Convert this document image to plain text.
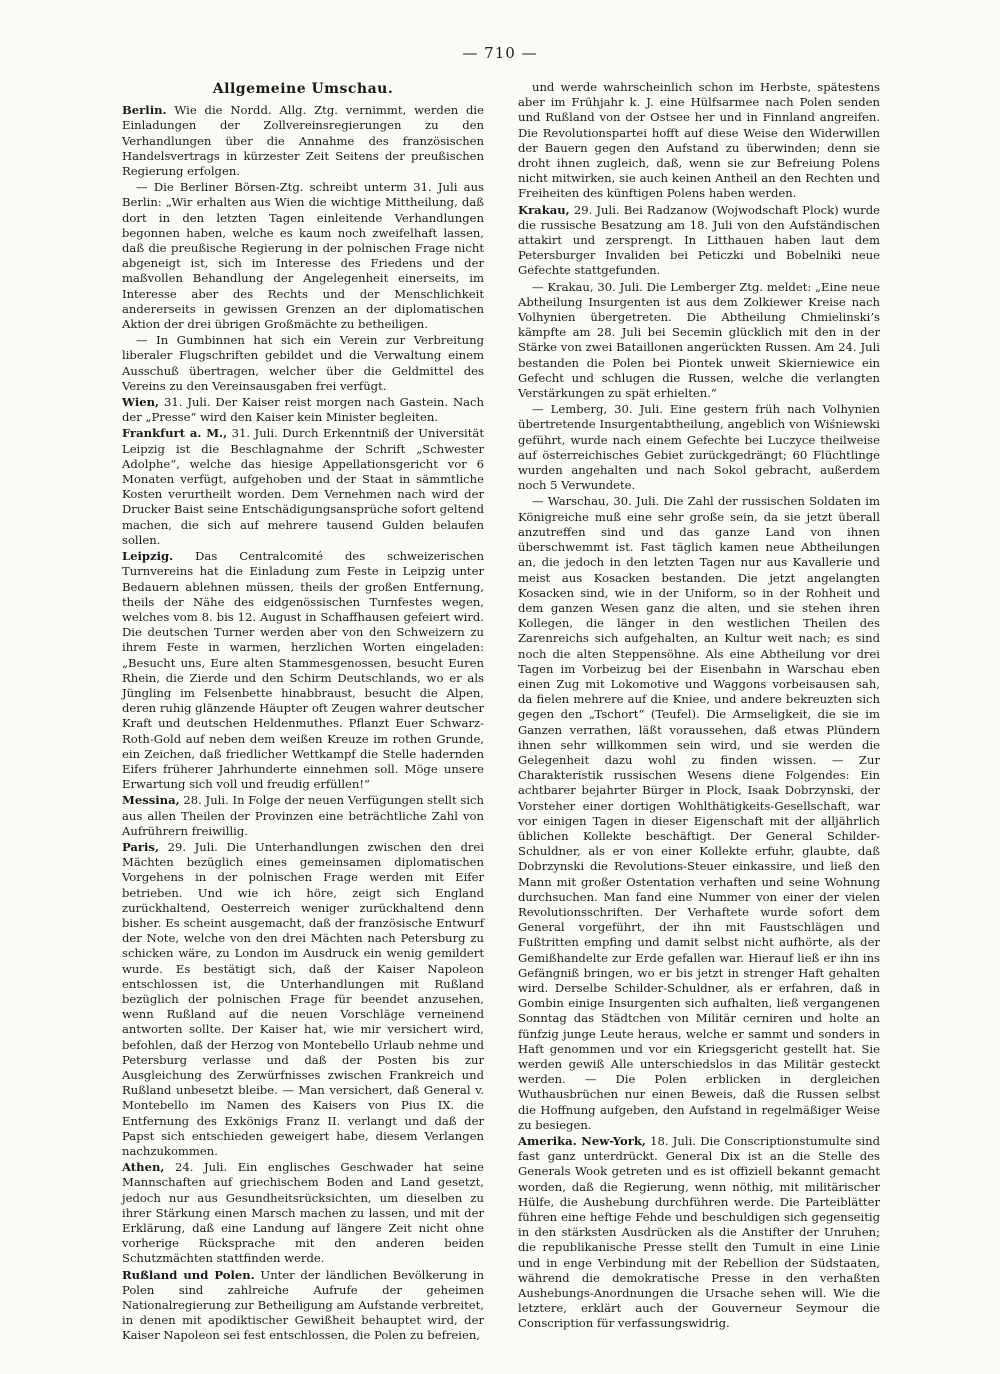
— 710 —
Allgemeine Umschau.

Berlin. Wie die Nordd. Allg. Ztg. vernimmt, werden die Einladungen der Zollvereinsregierungen zu den Verhandlungen über die Annahme des französischen Handelsvertrags in kürzester Zeit Seitens der preußischen Regierung erfolgen.

— Die Berliner Börsen-Ztg. schreibt unterm 31. Juli aus Berlin: „Wir erhalten aus Wien die wichtige Mittheilung, daß dort in den letzten Tagen einleitende Verhandlungen begonnen haben, welche es kaum noch zweifelhaft lassen, daß die preußische Regierung in der polnischen Frage nicht abgeneigt ist, sich im Interesse des Friedens und der maßvollen Behandlung der Angelegenheit einerseits, im Interesse aber des Rechts und der Menschlichkeit andererseits in gewissen Grenzen an der diplomatischen Aktion der drei übrigen Großmächte zu betheiligen.

— In Gumbinnen hat sich ein Verein zur Verbreitung liberaler Flugschriften gebildet und die Verwaltung einem Ausschuß übertragen, welcher über die Geldmittel des Vereins zu den Vereinsausgaben frei verfügt.

Wien, 31. Juli. Der Kaiser reist morgen nach Gastein. Nach der „Presse“ wird den Kaiser kein Minister begleiten.

Frankfurt a. M., 31. Juli. Durch Erkenntniß der Universität Leipzig ist die Beschlagnahme der Schrift „Schwester Adolphe“, welche das hiesige Appellationsgericht vor 6 Monaten verfügt, aufgehoben und der Staat in sämmtliche Kosten verurtheilt worden. Dem Vernehmen nach wird der Drucker Baist seine Entschädigungsansprüche sofort geltend machen, die sich auf mehrere tausend Gulden belaufen sollen.

Leipzig. Das Centralcomité des schweizerischen Turnvereins hat die Einladung zum Feste in Leipzig unter Bedauern ablehnen müssen, theils der großen Entfernung, theils der Nähe des eidgenössischen Turnfestes wegen, welches vom 8. bis 12. August in Schaffhausen gefeiert wird. Die deutschen Turner werden aber von den Schweizern zu ihrem Feste in warmen, herzlichen Worten eingeladen: „Besucht uns, Eure alten Stammesgenossen, besucht Euren Rhein, die Zierde und den Schirm Deutschlands, wo er als Jüngling im Felsenbette hinabbraust, besucht die Alpen, deren ruhig glänzende Häupter oft Zeugen wahrer deutscher Kraft und deutschen Heldenmuthes. Pflanzt Euer Schwarz-Roth-Gold auf neben dem weißen Kreuze im rothen Grunde, ein Zeichen, daß friedlicher Wettkampf die Stelle hadernden Eifers früherer Jahrhunderte einnehmen soll. Möge unsere Erwartung sich voll und freudig erfüllen!“

Messina, 28. Juli. In Folge der neuen Verfügungen stellt sich aus allen Theilen der Provinzen eine beträchtliche Zahl von Aufrührern freiwillig.

Paris, 29. Juli. Die Unterhandlungen zwischen den drei Mächten bezüglich eines gemeinsamen diplomatischen Vorgehens in der polnischen Frage werden mit Eifer betrieben. Und wie ich höre, zeigt sich England zurückhaltend, Oesterreich weniger zurückhaltend denn bisher. Es scheint ausgemacht, daß der französische Entwurf der Note, welche von den drei Mächten nach Petersburg zu schicken wäre, zu London im Ausdruck ein wenig gemildert wurde. Es bestätigt sich, daß der Kaiser Napoleon entschlossen ist, die Unterhandlungen mit Rußland bezüglich der polnischen Frage für beendet anzusehen, wenn Rußland auf die neuen Vorschläge verneinend antworten sollte. Der Kaiser hat, wie mir versichert wird, befohlen, daß der Herzog von Montebello Urlaub nehme und Petersburg verlasse und daß der Posten bis zur Ausgleichung des Zerwürfnisses zwischen Frankreich und Rußland unbesetzt bleibe. — Man versichert, daß General v. Montebello im Namen des Kaisers von Pius IX. die Entfernung des Exkönigs Franz II. verlangt und daß der Papst sich entschieden geweigert habe, diesem Verlangen nachzukommen.

Athen, 24. Juli. Ein englisches Geschwader hat seine Mannschaften auf griechischem Boden and Land gesetzt, jedoch nur aus Gesundheitsrücksichten, um dieselben zu ihrer Stärkung einen Marsch machen zu lassen, und mit der Erklärung, daß eine Landung auf längere Zeit nicht ohne vorherige Rücksprache mit den anderen beiden Schutzmächten stattfinden werde.

Rußland und Polen. Unter der ländlichen Bevölkerung in Polen sind zahlreiche Aufrufe der geheimen Nationalregierung zur Betheiligung am Aufstande verbreitet, in denen mit apodiktischer Gewißheit behauptet wird, der Kaiser Napoleon sei fest entschlossen, die Polen zu befreien,

und werde wahrscheinlich schon im Herbste, spätestens aber im Frühjahr k. J. eine Hülfsarmee nach Polen senden und Rußland von der Ostsee her und in Finnland angreifen. Die Revolutionspartei hofft auf diese Weise den Widerwillen der Bauern gegen den Aufstand zu überwinden; denn sie droht ihnen zugleich, daß, wenn sie zur Befreiung Polens nicht mitwirken, sie auch keinen Antheil an den Rechten und Freiheiten des künftigen Polens haben werden.

Krakau, 29. Juli. Bei Radzanow (Wojwodschaft Plock) wurde die russische Besatzung am 18. Juli von den Aufständischen attakirt und zersprengt. In Litthauen haben laut dem Petersburger Invaliden bei Peticzki und Bobelniki neue Gefechte stattgefunden.

— Krakau, 30. Juli. Die Lemberger Ztg. meldet: „Eine neue Abtheilung Insurgenten ist aus dem Zolkiewer Kreise nach Volhynien übergetreten. Die Abtheilung Chmielinski’s kämpfte am 28. Juli bei Secemin glücklich mit den in der Stärke von zwei Bataillonen angerückten Russen. Am 24. Juli bestanden die Polen bei Piontek unweit Skierniewice ein Gefecht und schlugen die Russen, welche die verlangten Verstärkungen zu spät erhielten.“

— Lemberg, 30. Juli. Eine gestern früh nach Volhynien übertretende Insurgentabtheilung, angeblich von Wiśniewski geführt, wurde nach einem Gefechte bei Luczyce theilweise auf österreichisches Gebiet zurückgedrängt; 60 Flüchtlinge wurden angehalten und nach Sokol gebracht, außerdem noch 5 Verwundete.

— Warschau, 30. Juli. Die Zahl der russischen Soldaten im Königreiche muß eine sehr große sein, da sie jetzt überall anzutreffen sind und das ganze Land von ihnen überschwemmt ist. Fast täglich kamen neue Abtheilungen an, die jedoch in den letzten Tagen nur aus Kavallerie und meist aus Kosacken bestanden. Die jetzt angelangten Kosacken sind, wie in der Uniform, so in der Rohheit und dem ganzen Wesen ganz die alten, und sie stehen ihren Kollegen, die länger in den westlichen Theilen des Zarenreichs sich aufgehalten, an Kultur weit nach; es sind noch die alten Steppensöhne. Als eine Abtheilung vor drei Tagen im Vorbeizug bei der Eisenbahn in Warschau eben einen Zug mit Lokomotive und Waggons vorbeisausen sah, da fielen mehrere auf die Kniee, und andere bekreuzten sich gegen den „Tschort“ (Teufel). Die Armseligkeit, die sie im Ganzen verrathen, läßt voraussehen, daß etwas Plündern ihnen sehr willkommen sein wird, und sie werden die Gelegenheit dazu wohl zu finden wissen. — Zur Charakteristik russischen Wesens diene Folgendes: Ein achtbarer bejahrter Bürger in Plock, Isaak Dobrzynski, der Vorsteher einer dortigen Wohlthätigkeits-Gesellschaft, war vor einigen Tagen in dieser Eigenschaft mit der alljährlich üblichen Kollekte beschäftigt. Der General Schilder-Schuldner, als er von einer Kollekte erfuhr, glaubte, daß Dobrzynski die Revolutions-Steuer einkassire, und ließ den Mann mit großer Ostentation verhaften und seine Wohnung durchsuchen. Man fand eine Nummer von einer der vielen Revolutionsschriften. Der Verhaftete wurde sofort dem General vorgeführt, der ihn mit Faustschlägen und Fußtritten empfing und damit selbst nicht aufhörte, als der Gemißhandelte zur Erde gefallen war. Hierauf ließ er ihn ins Gefängniß bringen, wo er bis jetzt in strenger Haft gehalten wird. Derselbe Schilder-Schuldner, als er erfahren, daß in Gombin einige Insurgenten sich aufhalten, ließ vergangenen Sonntag das Städtchen von Militär cerniren und holte an fünfzig junge Leute heraus, welche er sammt und sonders in Haft genommen und vor ein Kriegsgericht gestellt hat. Sie werden gewiß Alle unterschiedslos in das Militär gesteckt werden. — Die Polen erblicken in dergleichen Wuthausbrüchen nur einen Beweis, daß die Russen selbst die Hoffnung aufgeben, den Aufstand in regelmäßiger Weise zu besiegen.

Amerika. New-York, 18. Juli. Die Conscriptionstumulte sind fast ganz unterdrückt. General Dix ist an die Stelle des Generals Wook getreten und es ist offiziell bekannt gemacht worden, daß die Regierung, wenn nöthig, mit militärischer Hülfe, die Aushebung durchführen werde. Die Parteiblätter führen eine heftige Fehde und beschuldigen sich gegenseitig in den stärksten Ausdrücken als die Anstifter der Unruhen; die republikanische Presse stellt den Tumult in eine Linie und in enge Verbindung mit der Rebellion der Südstaaten, während die demokratische Presse in den verhaßten Aushebungs-Anordnungen die Ursache sehen will. Wie die letztere, erklärt auch der Gouverneur Seymour die Conscription für verfassungswidrig.
